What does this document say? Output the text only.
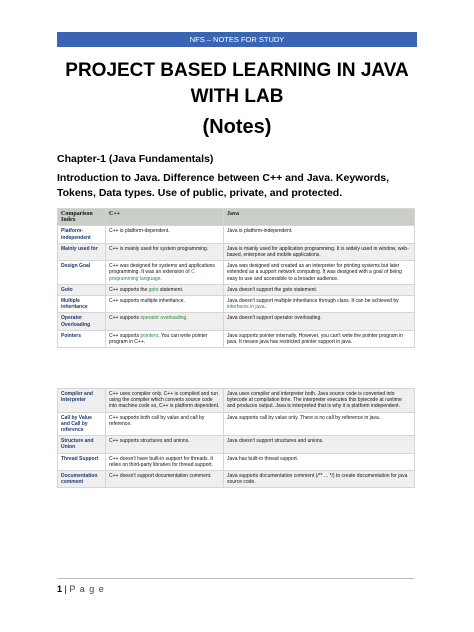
NFS – NOTES FOR STUDY
PROJECT BASED LEARNING IN JAVA
WITH LAB
(Notes)
Chapter-1 (Java Fundamentals)
Introduction to Java. Difference between C++ and Java. Keywords, Tokens, Data types. Use of public, private, and protected.
Comparison Index	C++	Java
Platform-independent	C++ is platform-dependent.	Java is platform-independent.
Mainly used for	C++ is mainly used for system programming.	Java is mainly used for application programming. It is widely used in window, web-based, enterprise and mobile applications.
Design Goal	C++ was designed for systems and applications programming. It was an extension of C programming language.	Java was designed and created as an interpreter for printing systems but later extended as a support network computing. It was designed with a goal of being easy to use and accessible to a broader audience.
Goto	C++ supports the goto statement.	Java doesn't support the goto statement.
Multiple inheritance	C++ supports multiple inheritance.	Java doesn't support multiple inheritance through class. It can be achieved by interfaces in java.
Operator Overloading	C++ supports operator overloading.	Java doesn't support operator overloading.
Pointers	C++ supports pointers. You can write pointer program in C++.	Java supports pointer internally. However, you can't write the pointer program in java. It means java has restricted pointer support in java.
Compiler and Interpreter	C++ uses compiler only. C++ is compiled and run using the compiler which converts source code into machine code so, C++ is platform dependent.	Java uses compiler and interpreter both. Java source code is converted into bytecode at compilation time. The interpreter executes this bytecode at runtime and produces output. Java is interpreted that is why it is platform independent.
Call by Value and Call by reference	C++ supports both call by value and call by reference.	Java supports call by value only. There is no call by reference in java.
Structure and Union	C++ supports structures and unions.	Java doesn't support structures and unions.
Thread Support	C++ doesn't have built-in support for threads. It relies on third-party libraries for thread support.	Java has built-in thread support.
Documentation comment	C++ doesn't support documentation comment.	Java supports documentation comment (/** ... */) to create documentation for java source code.
1 | P a g e
